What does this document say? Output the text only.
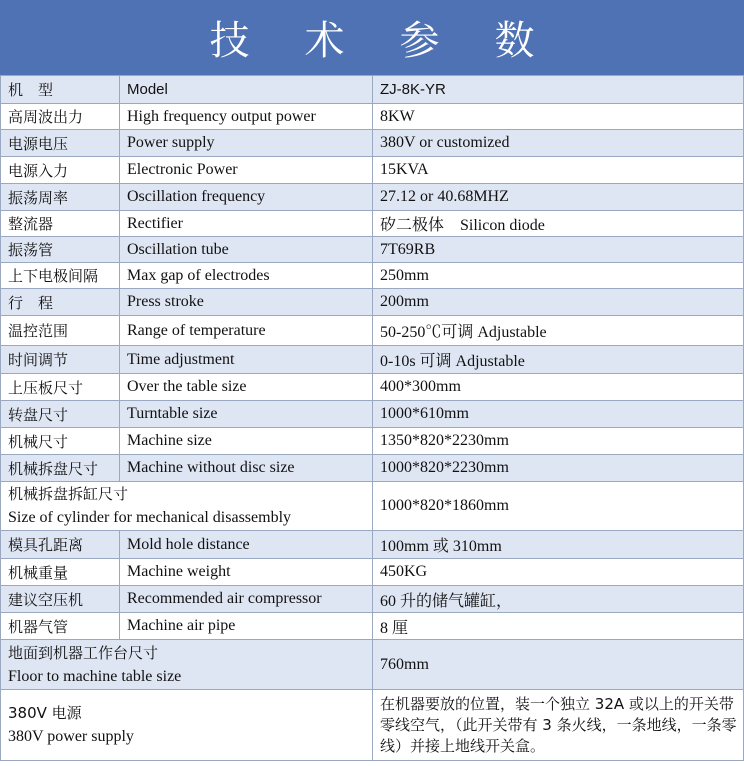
技术参数
机　型	Model	ZJ-8K-YR
高周波出力	High frequency output power	8KW
电源电压	Power supply	380V or customized
电源入力	Electronic Power	15KVA
振荡周率	Oscillation frequency	27.12 or 40.68MHZ
整流器	Rectifier	矽二极体　Silicon diode
振荡管	Oscillation tube	7T69RB
上下电极间隔	Max gap of electrodes	250mm
行　程	Press stroke	200mm
温控范围	Range of temperature	50-250℃可调 Adjustable
时间调节	Time adjustment	0-10s 可调 Adjustable
上压板尺寸	Over the table size	400*300mm
转盘尺寸	Turntable size	1000*610mm
机械尺寸	Machine size	1350*820*2230mm
机械拆盘尺寸	Machine without disc size	1000*820*2230mm

机械拆盘拆缸尺寸
Size of cylinder for mechanical disassembly		1000*820*1860mm
模具孔距离	Mold hole distance	100mm 或 310mm
机械重量	Machine weight	450KG
建议空压机	Recommended air compressor	60 升的储气罐缸，
机器气管	Machine air pipe	8 厘

地面到机器工作台尺寸
Floor to machine table size		760mm

380V 电源
380V power supply		在机器要放的位置，装一个独立 32A 或以上的开关带零线空气，（此开关带有 3 条火线，一条地线，一条零线）并接上地线开关盒。
